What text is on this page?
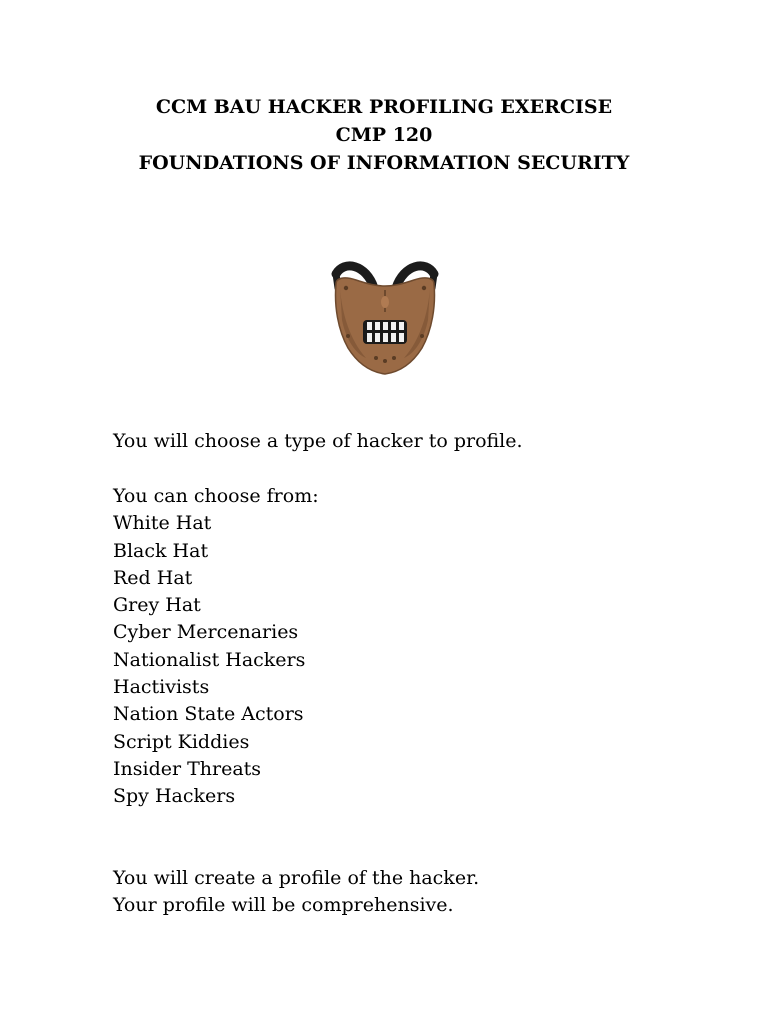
CCM BAU HACKER PROFILING EXERCISE
CMP 120
FOUNDATIONS OF INFORMATION SECURITY
You will choose a type of hacker to profile.
You can choose from:
White Hat
Black Hat
Red Hat
Grey Hat
Cyber Mercenaries
Nationalist Hackers
Hactivists
Nation State Actors
Script Kiddies
Insider Threats
Spy Hackers
You will create a profile of the hacker.
Your profile will be comprehensive.
